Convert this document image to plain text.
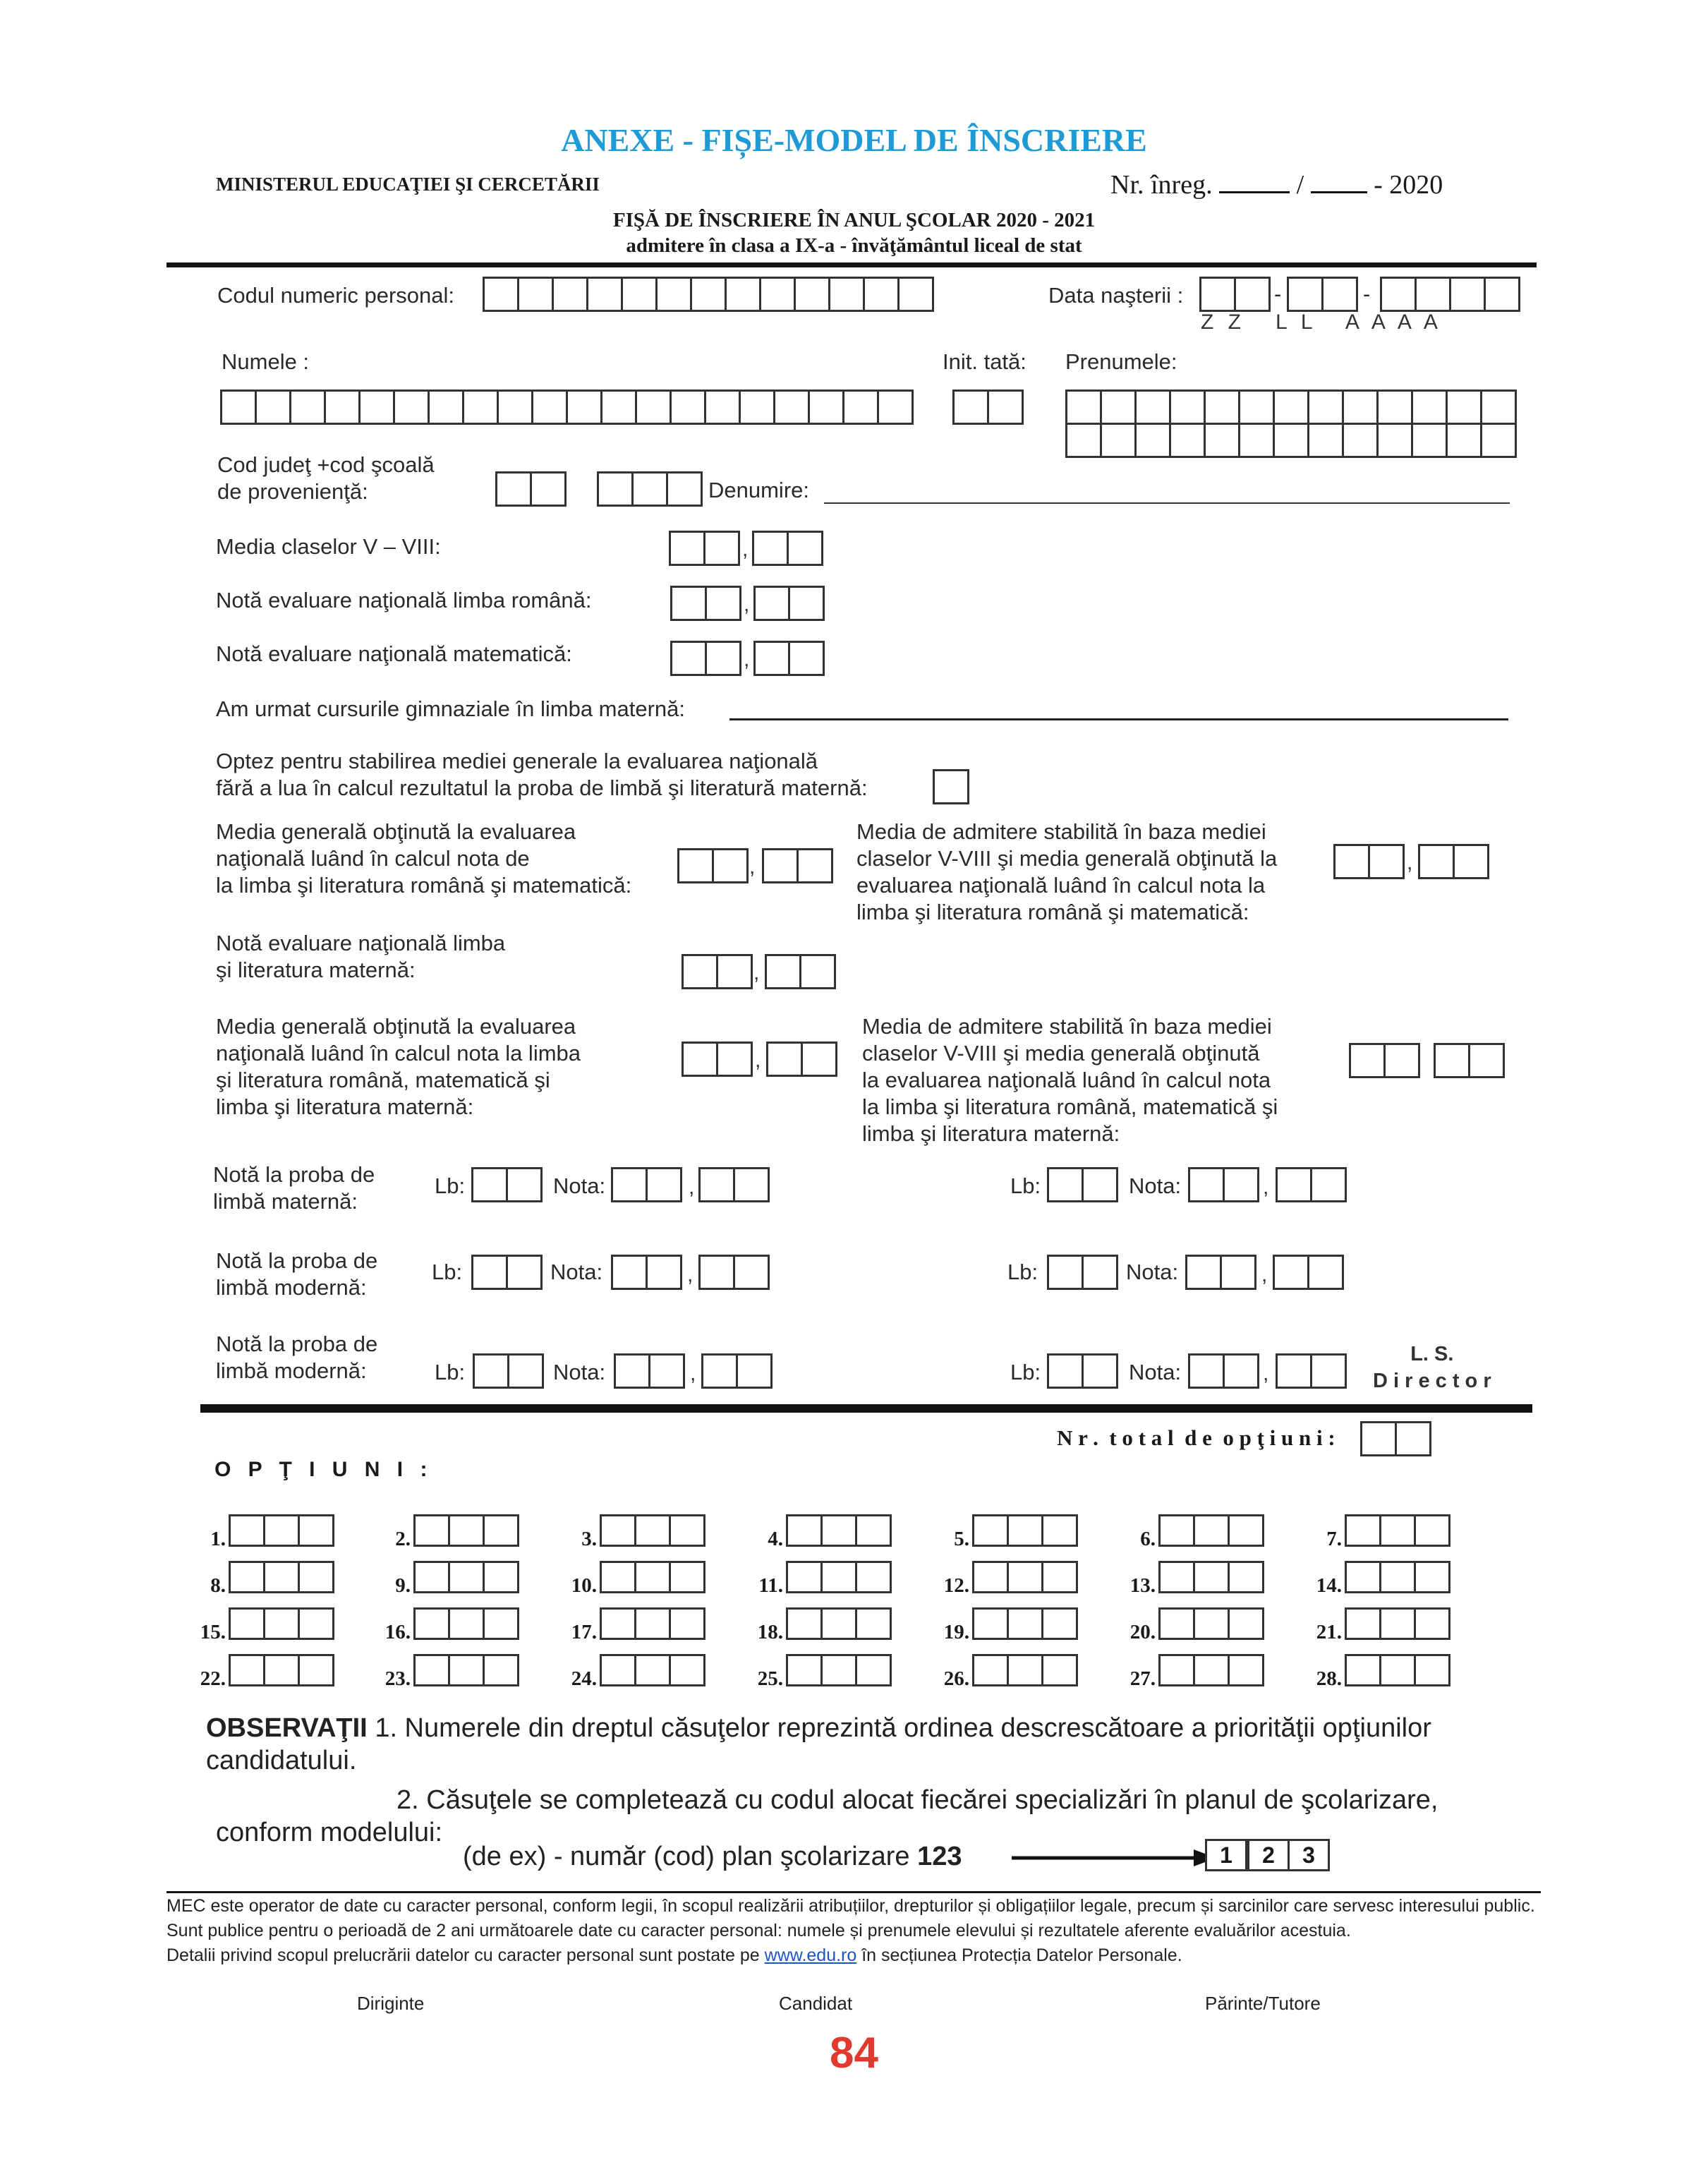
ANEXE - FIȘE-MODEL DE ÎNSCRIERE
MINISTERUL EDUCAŢIEI ŞI CERCETĂRII	Nr. înreg.	/	- 2020
FIŞĂ DE ÎNSCRIERE ÎN ANUL ŞCOLAR 2020 - 2021
admitere în clasa a IX-a - învăţământul liceal de stat
Codul numeric personal:	Data naşterii :	-	-
Z Z   L L   A A A A
Numele :	Init. tată: Prenumele:
Cod judeţ +cod şcoală
de provenienţă:	Denumire:
Media claselor V – VIII:	,
Notă evaluare naţională limba română:	,
Notă evaluare naţională matematică:	,
Am urmat cursurile gimnaziale în limba maternă:
Optez pentru stabilirea mediei generale la evaluarea naţională
fără a lua în calcul rezultatul la proba de limbă şi literatură maternă:
Media generală obţinută la evaluarea
naţională luând în calcul nota de
la limba şi literatura română şi matematică:
,
Media de admitere stabilită în baza mediei
claselor V-VIII şi media generală obţinută la
evaluarea naţională luând în calcul nota la
limba şi literatura română şi matematică:
,
Notă evaluare naţională limba
şi literatura maternă:	,
Media generală obţinută la evaluarea
naţională luând în calcul nota la limba
şi literatura română, matematică şi
limba şi literatura maternă:
,
Media de admitere stabilită în baza mediei
claselor V-VIII şi media generală obţinută
la evaluarea naţională luând în calcul nota
la limba şi literatura română, matematică şi
limba şi literatura maternă:
Notă la proba de
limbă maternă:
Lb:	Nota:	,	Lb:	Nota:	,
Notă la proba de
limbă modernă:
Lb:	Nota:	,	Lb:	Nota:	,
Notă la proba de
limbă modernă:	Lb:	Nota:	,	Lb:	Nota:	,
L. S.
D i r e c t o r
N r .  t o t a l  d e  o p ţ i u n i :
O P Ţ I U N I :
1.	2.	3.	4.	5.	6.	7.
8.	9.	10.	11.	12.	13.	14.
15.	16.	17.	18.	19.	20.	21.
22.	23.	24.	25.	26.	27.	28.
OBSERVAŢII 1. Numerele din dreptul căsuţelor reprezintă ordinea descrescătoare a priorităţii opţiunilor
candidatului.
2. Căsuţele se completează cu codul alocat fiecărei specializări în planul de şcolarizare,
conform modelului:
(de ex) - număr (cod) plan şcolarizare 123	1	2	3
MEC este operator de date cu caracter personal, conform legii, în scopul realizării atribuțiilor, drepturilor și obligațiilor legale, precum și sarcinilor care servesc interesului public. Sunt publice pentru o perioadă de 2 ani următoarele date cu caracter personal: numele și prenumele elevului și rezultatele aferente evaluărilor acestuia.
Detalii privind scopul prelucrării datelor cu caracter personal sunt postate pe www.edu.ro în secțiunea Protecția Datelor Personale.
Diriginte	Candidat	Părinte/Tutore
84
